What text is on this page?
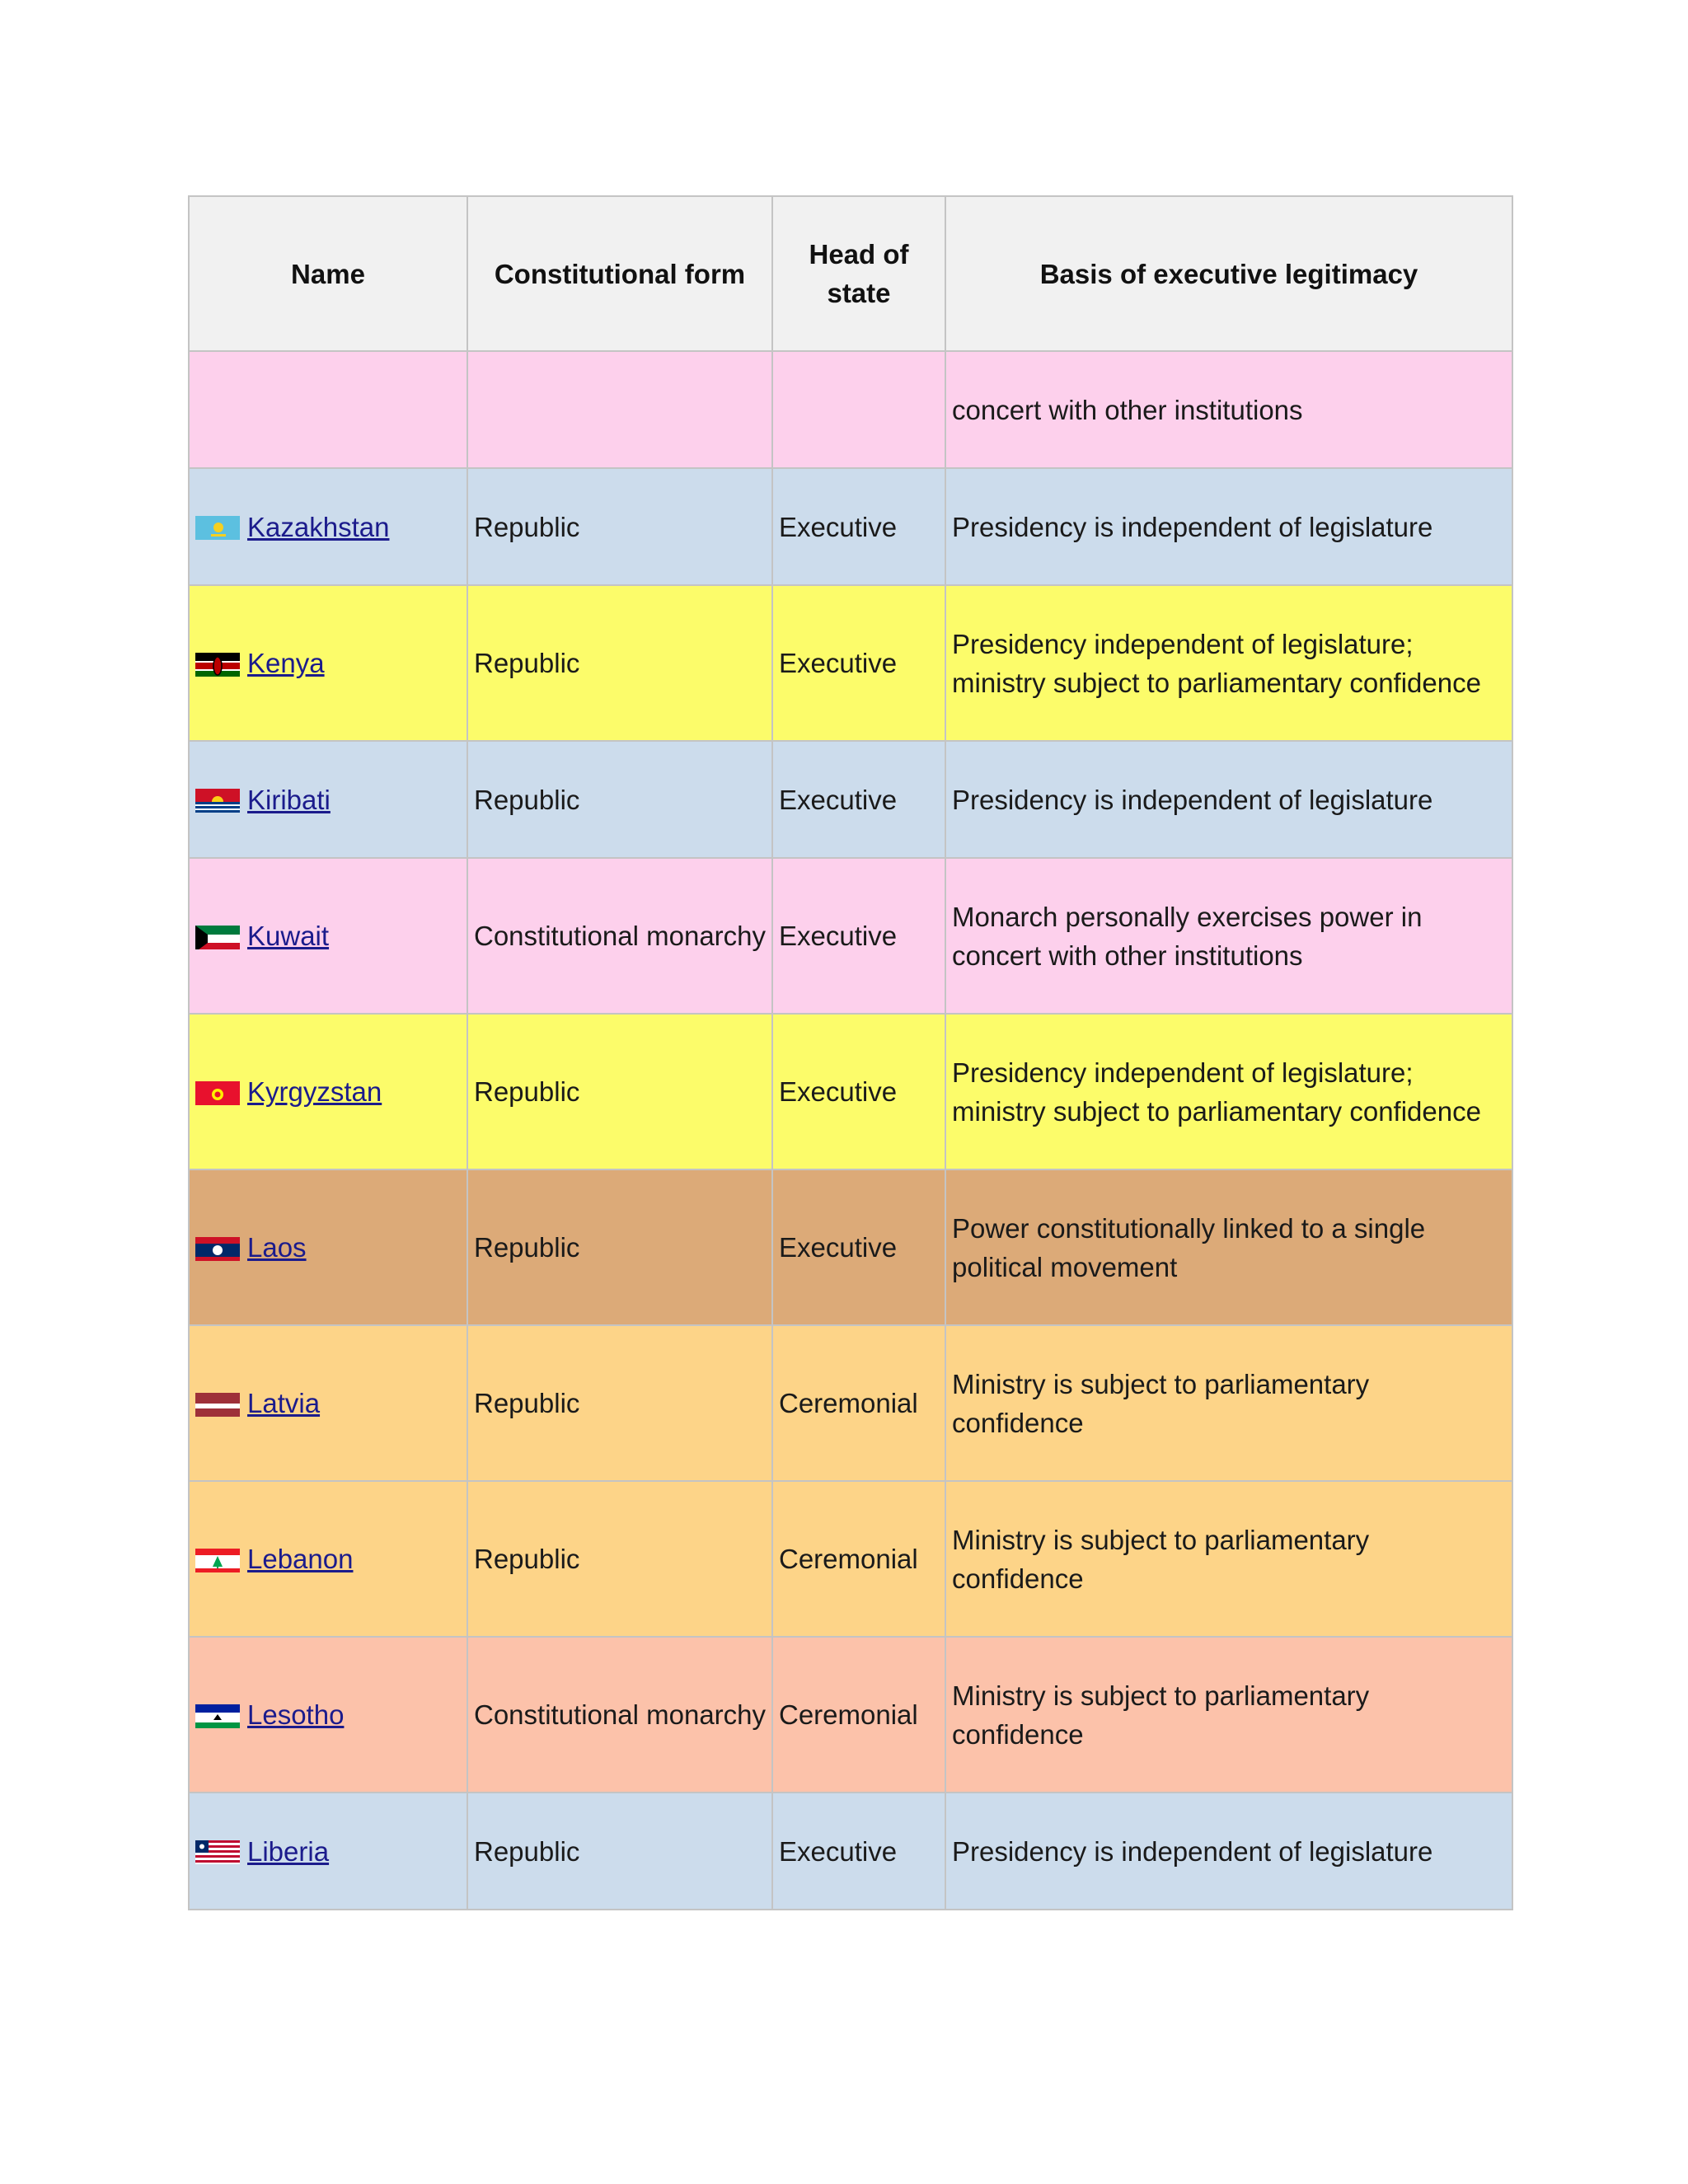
Name	Constitutional form	Head of state	Basis of executive legitimacy
			concert with other institutions

Kazakhstan	Republic	Executive	Presidency is independent of legislature

Kenya	Republic	Executive	Presidency independent of legislature; ministry subject to parliamentary confidence

Kiribati	Republic	Executive	Presidency is independent of legislature

Kuwait	Constitutional monarchy	Executive	Monarch personally exercises power in concert with other institutions

Kyrgyzstan	Republic	Executive	Presidency independent of legislature; ministry subject to parliamentary confidence

Laos	Republic	Executive	Power constitutionally linked to a single political movement

Latvia	Republic	Ceremonial	Ministry is subject to parliamentary confidence

Lebanon	Republic	Ceremonial	Ministry is subject to parliamentary confidence

Lesotho	Constitutional monarchy	Ceremonial	Ministry is subject to parliamentary confidence

Liberia	Republic	Executive	Presidency is independent of legislature
